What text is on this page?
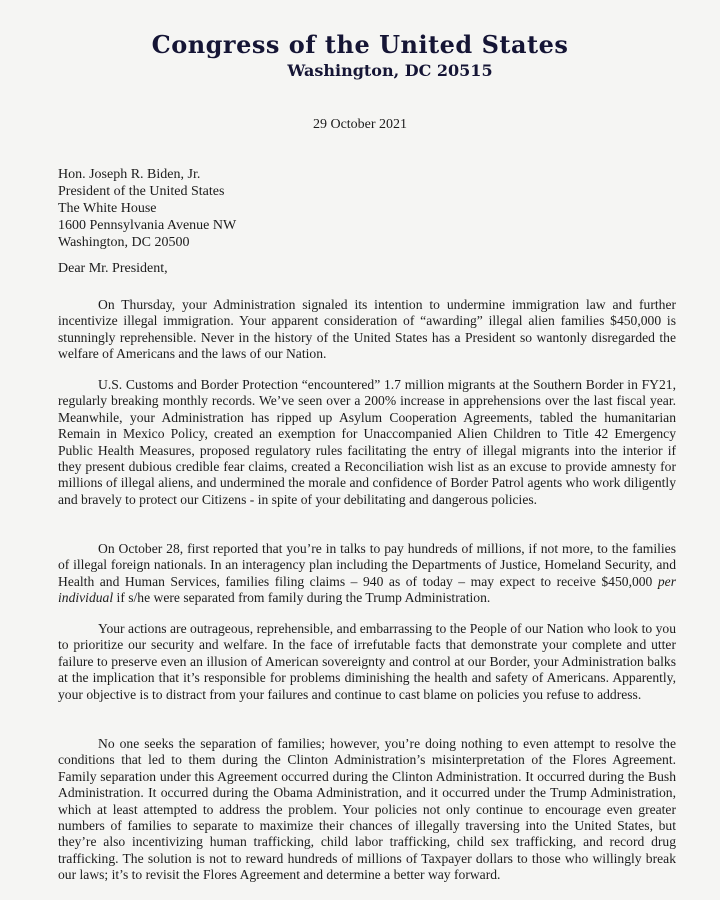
Congress of the United States
Washington, DC 20515
29 October 2021
Hon. Joseph R. Biden, Jr.
President of the United States
The White House
1600 Pennsylvania Avenue NW
Washington, DC 20500
Dear Mr. President,

On Thursday, your Administration signaled its intention to undermine immigration law and further incentivize illegal immigration. Your apparent consideration of “awarding” illegal alien families $450,000 is stunningly reprehensible. Never in the history of the United States has a President so wantonly disregarded the welfare of Americans and the laws of our Nation.

U.S. Customs and Border Protection “encountered” 1.7 million migrants at the Southern Border in FY21, regularly breaking monthly records. We’ve seen over a 200% increase in apprehensions over the last fiscal year. Meanwhile, your Administration has ripped up Asylum Cooperation Agreements, tabled the humanitarian Remain in Mexico Policy, created an exemption for Unaccompanied Alien Children to Title 42 Emergency Public Health Measures, proposed regulatory rules facilitating the entry of illegal migrants into the interior if they present dubious credible fear claims, created a Reconciliation wish list as an excuse to provide amnesty for millions of illegal aliens, and undermined the morale and confidence of Border Patrol agents who work diligently and bravely to protect our Citizens - in spite of your debilitating and dangerous policies.

On October 28, first reported that you’re in talks to pay hundreds of millions, if not more, to the families of illegal foreign nationals. In an interagency plan including the Departments of Justice, Homeland Security, and Health and Human Services, families filing claims – 940 as of today – may expect to receive $450,000 per individual if s/he were separated from family during the Trump Administration.

Your actions are outrageous, reprehensible, and embarrassing to the People of our Nation who look to you to prioritize our security and welfare. In the face of irrefutable facts that demonstrate your complete and utter failure to preserve even an illusion of American sovereignty and control at our Border, your Administration balks at the implication that it’s responsible for problems diminishing the health and safety of Americans. Apparently, your objective is to distract from your failures and continue to cast blame on policies you refuse to address.

No one seeks the separation of families; however, you’re doing nothing to even attempt to resolve the conditions that led to them during the Clinton Administration’s misinterpretation of the Flores Agreement. Family separation under this Agreement occurred during the Clinton Administration. It occurred during the Bush Administration. It occurred during the Obama Administration, and it occurred under the Trump Administration, which at least attempted to address the problem. Your policies not only continue to encourage even greater numbers of families to separate to maximize their chances of illegally traversing into the United States, but they’re also incentivizing human trafficking, child labor trafficking, child sex trafficking, and record drug trafficking. The solution is not to reward hundreds of millions of Taxpayer dollars to those who willingly break our laws; it’s to revisit the Flores Agreement and determine a better way forward.
